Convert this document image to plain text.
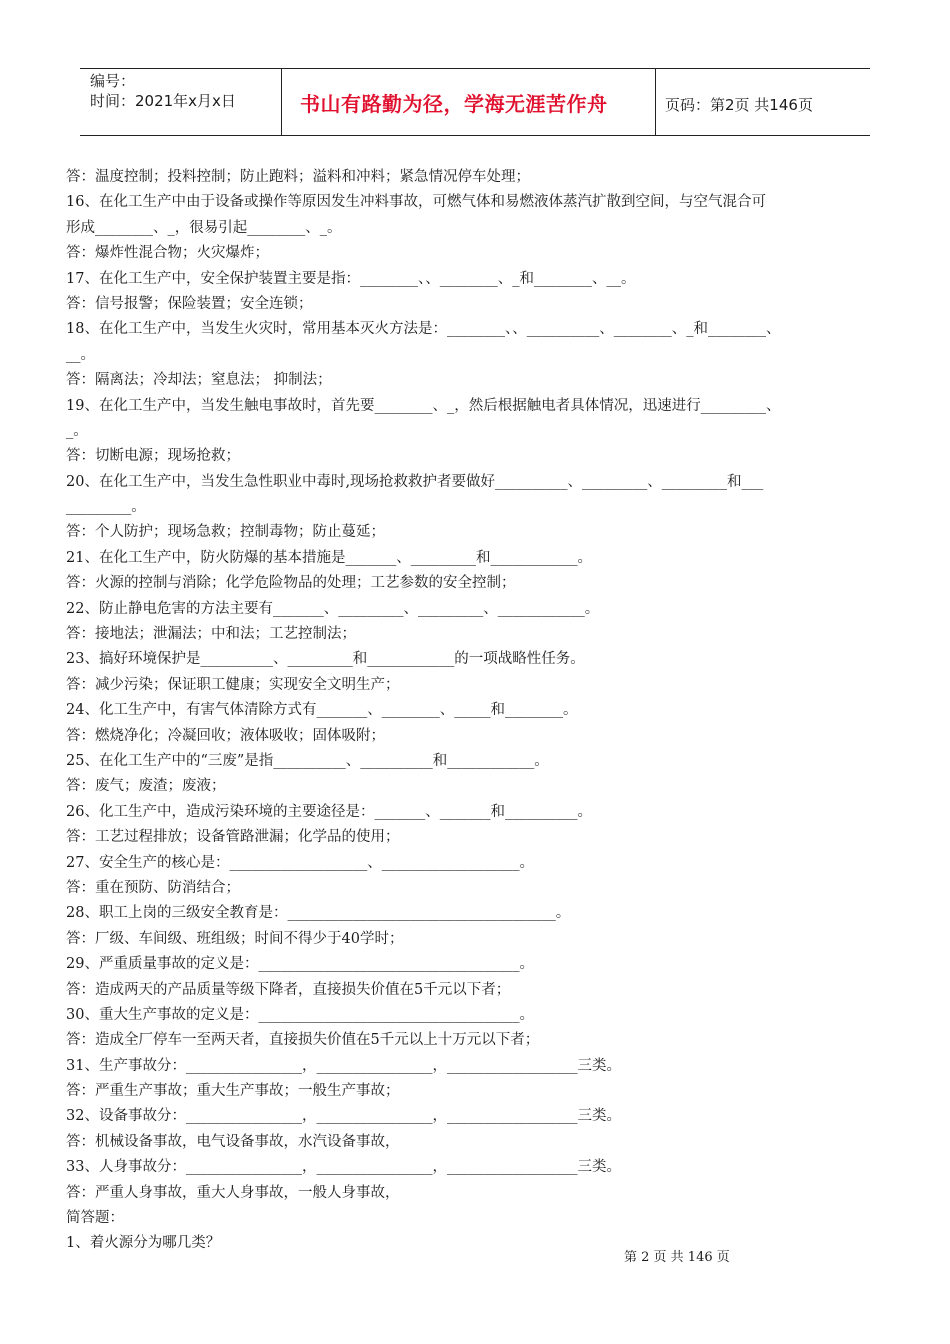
编号：
时间：2021年x月x日	书山有路勤为径，学海无涯苦作舟	页码：第2页 共146页
答：温度控制；投料控制；防止跑料；溢料和冲料；紧急情况停车处理；
16、在化工生产中由于设备或操作等原因发生冲料事故，可燃气体和易燃液体蒸汽扩散到空间，与空气混合可
形成________、_，很易引起________、_。
答：爆炸性混合物；火灾爆炸；
17、在化工生产中，安全保护装置主要是指：________、、________、_和________、__。
答：信号报警；保险装置；安全连锁；
18、在化工生产中，当发生火灾时，常用基本灭火方法是：________、、__________、________、_和________、
__。
答：隔离法；冷却法；窒息法； 抑制法；
19、在化工生产中，当发生触电事故时，首先要________、_，然后根据触电者具体情况，迅速进行_________、
_。
答：切断电源；现场抢救；
20、在化工生产中，当发生急性职业中毒时,现场抢救救护者要做好__________、_________、_________和___
_________。
答：个人防护；现场急救；控制毒物；防止蔓延；
21、在化工生产中，防火防爆的基本措施是_______、_________和____________。
答：火源的控制与消除；化学危险物品的处理；工艺参数的安全控制；
22、防止静电危害的方法主要有_______、_________、_________、____________。
答：接地法；泄漏法；中和法；工艺控制法；
23、搞好环境保护是__________、_________和____________的一项战略性任务。
答：减少污染；保证职工健康；实现安全文明生产；
24、化工生产中，有害气体清除方式有_______、________、_____和________。
答：燃烧净化；冷凝回收；液体吸收；固体吸附；
25、在化工生产中的“三废”是指__________、__________和____________。
答：废气；废渣；废液；
26、化工生产中，造成污染环境的主要途径是：_______、_______和__________。
答：工艺过程排放；设备管路泄漏；化学品的使用；
27、安全生产的核心是：___________________、___________________。
答：重在预防、防消结合；
28、职工上岗的三级安全教育是：_____________________________________。
答：厂级、车间级、班组级；时间不得少于40学时；
29、严重质量事故的定义是：____________________________________。
答：造成两天的产品质量等级下降者，直接损失价值在5千元以下者；
30、重大生产事故的定义是：____________________________________。
答：造成全厂停车一至两天者，直接损失价值在5千元以上十万元以下者；
31、生产事故分：________________，________________，__________________三类。
答：严重生产事故；重大生产事故；一般生产事故；
32、设备事故分：________________，________________，__________________三类。
答：机械设备事故，电气设备事故，水汽设备事故，
33、人身事故分：________________，________________，__________________三类。
答：严重人身事故，重大人身事故，一般人身事故，
简答题：
1、着火源分为哪几类？
第 2 页 共 146 页
